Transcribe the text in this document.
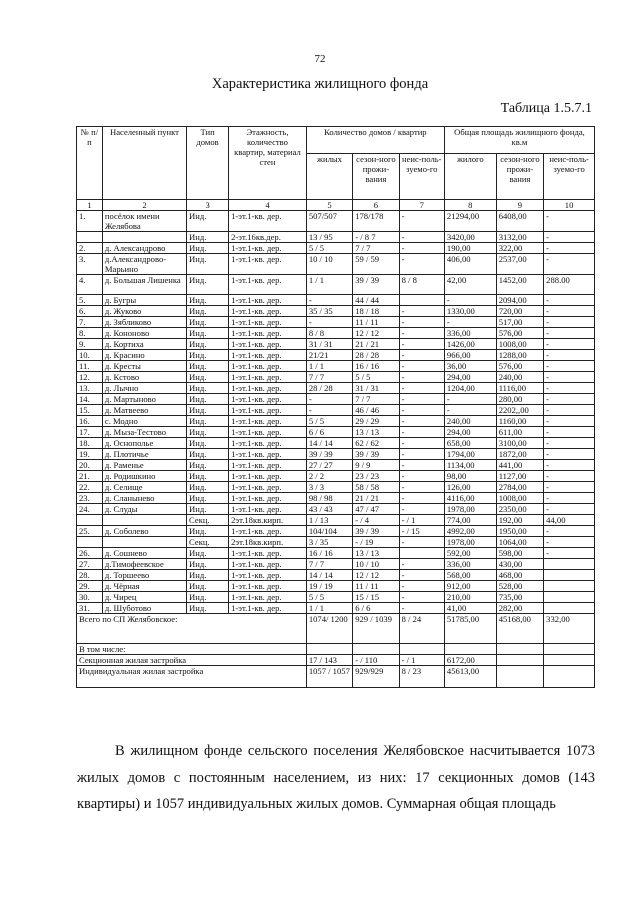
72
Характеристика жилищного фонда
Таблица 1.5.7.1
№ п/п	Населенный пункт	Тип домов	Этажность, количество квартир, материал стен	Количество домов / квартир			Общая площадь жилищного фонда, кв.м		
				жилых	сезон-ного прожи-вания	неис-поль-зуемо-го	жилого	сезон-ного прожи-вания	неис-поль-зуемо-го
1	2	3	4	5	6	7	8	9	10
1.	посёлок имени Желябова	Инд.	1-эт.1-кв. дер.	507/507	178/178	-	21294,00	6408,00	-
		Инд.	2-эт.16кв.дер.	13 / 95	- / 8 7	-	3420,00	3132,00	-
2.	д. Александрово	Инд.	1-эт.1-кв. дер.	5 / 5	7 / 7	-	190,00	322,00	-
3.	д.Александрово-Марьино	Инд.	1-эт.1-кв. дер.	10 / 10	59 / 59	-	406,00	2537,00	-
4.	д. Большая Лишенка	Инд.	1-эт.1-кв. дер.	1 / 1	39 / 39	8 / 8	42,00	1452,00	288.00
5.	д. Бугры	Инд.	1-эт.1-кв. дер.	-	44 / 44		-	2094,00	-
6.	д. Жуково	Инд.	1-эт.1-кв. дер.	35 / 35	18 / 18	-	1330,00	720,00	-
7.	д. Зябликово	Инд.	1-эт.1-кв. дер.	-	11 / 11	-	-	517,00	-
8.	д. Кононово	Инд.	1-эт.1-кв. дер.	8 / 8	12 / 12	-	336,00	576,00	-
9.	д. Кортиха	Инд.	1-эт.1-кв. дер.	31 / 31	21 / 21	-	1426,00	1008,00	-
10.	д. Красино	Инд.	1-эт.1-кв. дер.	21/21	28 / 28	-	966,00	1288,00	-
11.	д. Кресты	Инд.	1-эт.1-кв. дер.	1 / 1	16 / 16	-	36,00	576,00	-
12.	д. Кстово	Инд.	1-эт.1-кв. дер.	7 / 7	5 / 5	-	294,00	240,00	-
13.	д. Лычно	Инд.	1-эт.1-кв. дер.	28 / 28	31 / 31	-	1204,00	1116,00	-
14.	д. Мартыново	Инд.	1-эт.1-кв. дер.	-	7 / 7	-	-	280,00	-
15.	д. Матвеево	Инд.	1-эт.1-кв. дер.	-	46 / 46	-	-	2202,,00	-
16.	с. Модно	Инд.	1-эт.1-кв. дер.	5 / 5	29 / 29	-	240,00	1160,00	-
17.	д. Мыза-Тестово	Инд.	1-эт.1-кв. дер.	6 / 6	13 / 13	-	294,00	611,00	-
18.	д. Оснополье	Инд.	1-эт.1-кв. дер.	14 / 14	62 / 62	-	658,00	3100,00	-
19.	д. Плотичье	Инд.	1-эт.1-кв. дер.	39 / 39	39 / 39	-	1794,00	1872,00	-
20.	д. Раменье	Инд.	1-эт.1-кв. дер.	27 / 27	9 / 9	-	1134,00	441,00	-
21.	д. Родишкино	Инд.	1-эт.1-кв. дер.	2 / 2	23 / 23	-	98,00	1127,00	-
22.	д. Селище	Инд.	1-эт.1-кв. дер.	3 / 3	58 / 58	-	126,00	2784,00	-
23.	д. Сланынево	Инд.	1-эт.1-кв. дер.	98 / 98	21 / 21	-	4116,00	1008,00	-
24.	д. Слуды	Инд.	1-эт.1-кв. дер.	43 / 43	47 / 47	-	1978,00	2350,00	-
		Секц.	2эт.18кв.кирп.	1 / 13	- / 4	- / 1	774,00	192,00	44,00
25.	д. Соболево	Инд.	1-эт.1-кв. дер.	104/104	39 / 39	- / 15	4992,00	1950,00	-
		Секц.	2эт.18кв.кирп.	3 / 35	- / 19	-	1978,00	1064,00	-
26.	д. Сошнево	Инд.	1-эт.1-кв. дер.	16 / 16	13 / 13		592,00	598,00	-
27.	д.Тимофеевское	Инд.	1-эт.1-кв. дер.	7 / 7	10 / 10	-	336,00	430,00	
28.	д. Торшеево	Инд.	1-эт.1-кв. дер.	14 / 14	12 / 12	-	568,00	468,00	
29.	д. Чёрная	Инд.	1-эт.1-кв. дер.	19 / 19	11 / 11	-	912,00	528,00	
30.	д. Чирец	Инд.	1-эт.1-кв. дер.	5 / 5	15 / 15	-	210,00	735,00	
31.	д. Шуботово	Инд.	1-эт.1-кв. дер.	1 / 1	6 / 6	-	41,00	282,00	
Всего по СП Желябовское:				1074/ 1200	929 / 1039	8 / 24	51785,00	45168,00	332,00
В том числе:									
Секционная жилая застройка				17 / 143	- / 110	- / 1	6172,00		
Индивидуальная жилая застройка				1057 / 1057	929/929	8 / 23	45613,00		

В жилищном фонде сельского поселения Желябовское насчитывается 1073 жилых домов с постоянным населением, из них: 17 секционных домов (143 квартиры) и 1057 индивидуальных жилых домов. Суммарная общая площадь
